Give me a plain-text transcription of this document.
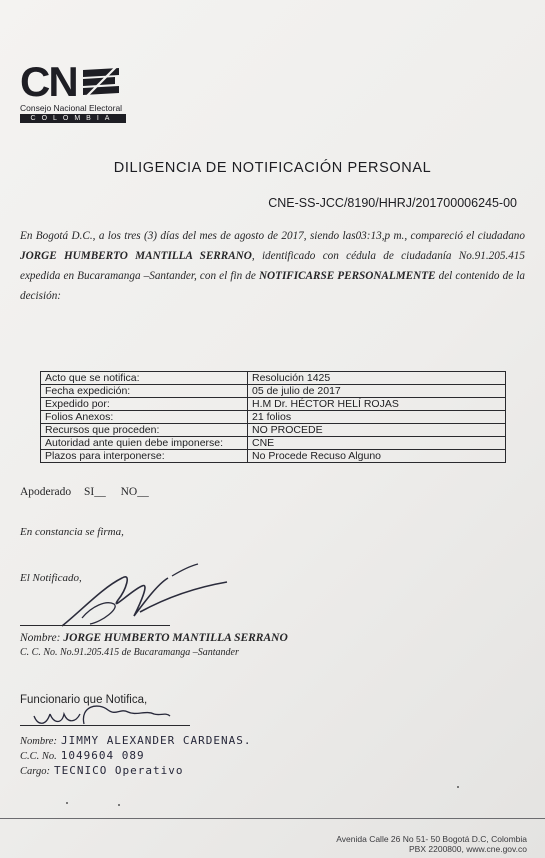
CN
Consejo Nacional Electoral
COLOMBIA
DILIGENCIA DE NOTIFICACIÓN PERSONAL
CNE-SS-JCC/8190/HHRJ/201700006245-00

En Bogotá D.C., a los tres (3) días del mes de agosto de 2017, siendo las03:13,p m., compareció el ciudadano JORGE HUMBERTO MANTILLA SERRANO, identificado con cédula de ciudadanía No.91.205.415 expedida en Bucaramanga –Santander, con el fin de NOTIFICARSE PERSONALMENTE del contenido de la decisión:

Acto que se notifica:	Resolución 1425
Fecha expedición:	05 de julio de 2017
Expedido por:	H.M Dr. HÉCTOR HELÍ ROJAS
Folios Anexos:	21 folios
Recursos que proceden:	NO PROCEDE
Autoridad ante quien debe imponerse:	CNE
Plazos para interponerse:	No Procede Recuso Alguno
Apoderado SI__ NO__
En constancia se firma,
El Notificado,
Nombre: JORGE HUMBERTO MANTILLA SERRANO
C. C. No. No.91.205.415 de Bucaramanga –Santander
Funcionario que Notifica,
Nombre: JIMMY ALEXANDER CARDENAS.
C.C. No. 1049604 089
Cargo: TECNICO Operativo
Avenida Calle 26 No 51- 50 Bogotá D.C, Colombia
PBX 2200800, www.cne.gov.co
